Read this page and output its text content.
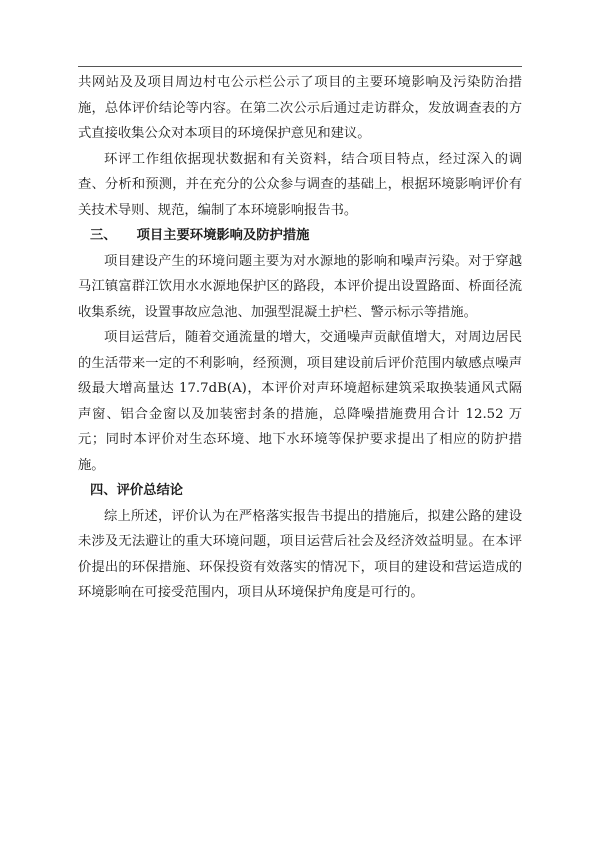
共网站及及项目周边村屯公示栏公示了项目的主要环境影响及污染防治措施，总体评价结论等内容。在第二次公示后通过走访群众，发放调查表的方式直接收集公众对本项目的环境保护意见和建议。

环评工作组依据现状数据和有关资料，结合项目特点，经过深入的调查、分析和预测，并在充分的公众参与调查的基础上，根据环境影响评价有关技术导则、规范，编制了本环境影响报告书。

三、 项目主要环境影响及防护措施

项目建设产生的环境问题主要为对水源地的影响和噪声污染。对于穿越马江镇富群江饮用水水源地保护区的路段，本评价提出设置路面、桥面径流收集系统，设置事故应急池、加强型混凝土护栏、警示标示等措施。

项目运营后，随着交通流量的增大，交通噪声贡献值增大，对周边居民的生活带来一定的不利影响，经预测，项目建设前后评价范围内敏感点噪声级最大增高量达 17.7dB(A)，本评价对声环境超标建筑采取换装通风式隔声窗、铝合金窗以及加装密封条的措施，总降噪措施费用合计 12.52 万元；同时本评价对生态环境、地下水环境等保护要求提出了相应的防护措施。

四、评价总结论

综上所述，评价认为在严格落实报告书提出的措施后，拟建公路的建设未涉及无法避让的重大环境问题，项目运营后社会及经济效益明显。在本评价提出的环保措施、环保投资有效落实的情况下，项目的建设和营运造成的环境影响在可接受范围内，项目从环境保护角度是可行的。
